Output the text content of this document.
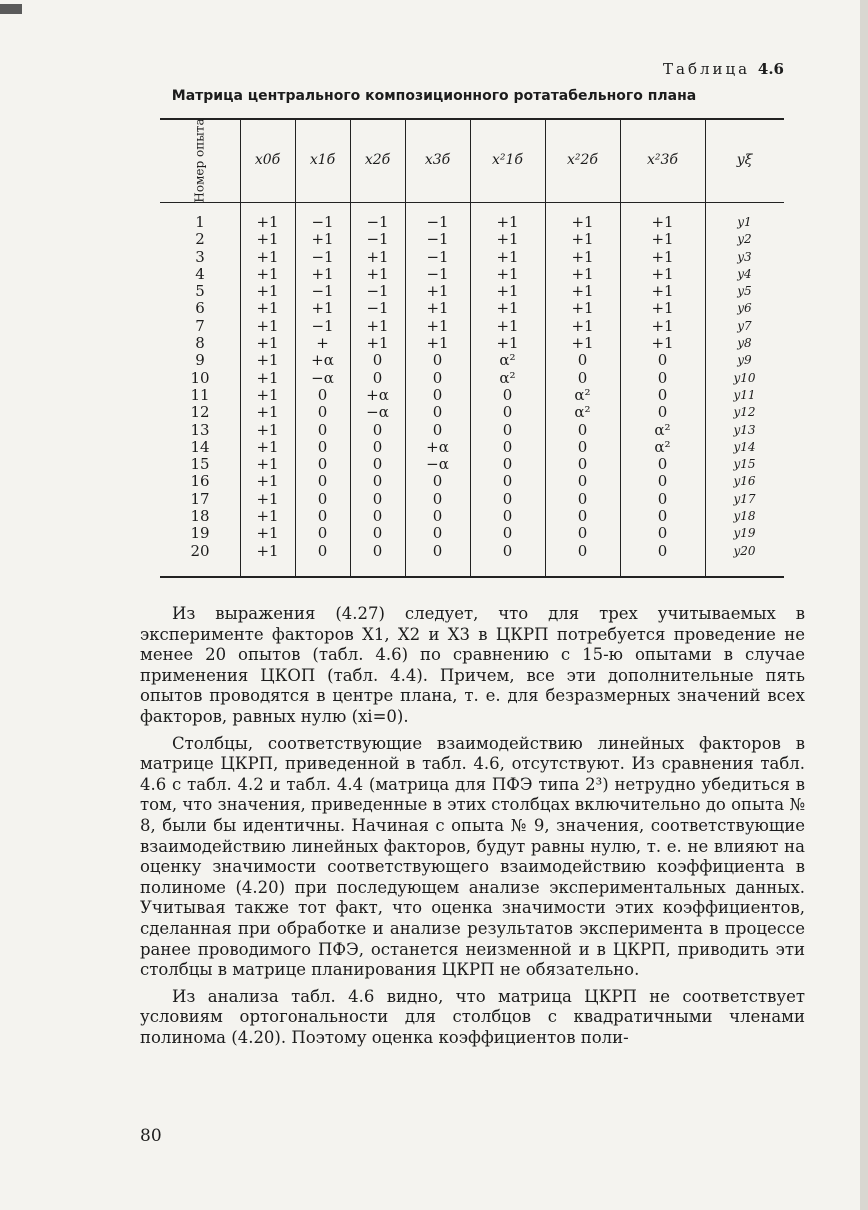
Таблица 4.6
Матрица центрального композиционного ротатабельного плана
Номер опыта
1
2
3
4
5
6
7
8
9
10
11
12
13
14
15
16
17
18
19
20
x0б
+1
+1
+1
+1
+1
+1
+1
+1
+1
+1
+1
+1
+1
+1
+1
+1
+1
+1
+1
+1
x1б
−1
+1
−1
+1
−1
+1
−1
+
+α
−α
0
0
0
0
0
0
0
0
0
0
x2б
−1
−1
+1
+1
−1
−1
+1
+1
0
0
+α
−α
0
0
0
0
0
0
0
0
x3б
−1
−1
−1
−1
+1
+1
+1
+1
0
0
0
0
0
+α
−α
0
0
0
0
0
x²1б
+1
+1
+1
+1
+1
+1
+1
+1
α²
α²
0
0
0
0
0
0
0
0
0
0
x²2б
+1
+1
+1
+1
+1
+1
+1
+1
0
0
α²
α²
0
0
0
0
0
0
0
0
x²3б
+1
+1
+1
+1
+1
+1
+1
+1
0
0
0
0
α²
α²
0
0
0
0
0
0
yξ
y1
y2
y3
y4
y5
y6
y7
y8
y9
y10
y11
y12
y13
y14
y15
y16
y17
y18
y19
y20

Из выражения (4.27) следует, что для трех учитываемых в эксперименте факторов X1, X2 и X3 в ЦКРП потребуется проведение не менее 20 опытов (табл. 4.6) по сравнению с 15-ю опытами в случае применения ЦКОП (табл. 4.4). Причем, все эти дополнительные пять опытов проводятся в центре плана, т. е. для безразмерных значений всех факторов, равных нулю (xi=0).

Столбцы, соответствующие взаимодействию линейных факторов в матрице ЦКРП, приведенной в табл. 4.6, отсутствуют. Из сравнения табл. 4.6 с табл. 4.2 и табл. 4.4 (матрица для ПФЭ типа 2³) нетрудно убедиться в том, что значения, приведенные в этих столбцах включительно до опыта № 8, были бы идентичны. Начиная с опыта № 9, значения, соответствующие взаимодействию линейных факторов, будут равны нулю, т. е. не влияют на оценку значимости соответствующего взаимодействию коэффициента в полиноме (4.20) при последующем анализе экспериментальных данных. Учитывая также тот факт, что оценка значимости этих коэффициентов, сделанная при обработке и анализе результатов эксперимента в процессе ранее проводимого ПФЭ, останется неизменной и в ЦКРП, приводить эти столбцы в матрице планирования ЦКРП не обязательно.

Из анализа табл. 4.6 видно, что матрица ЦКРП не соответствует условиям ортогональности для столбцов с квадратичными членами полинома (4.20). Поэтому оценка коэффициентов поли-

80
